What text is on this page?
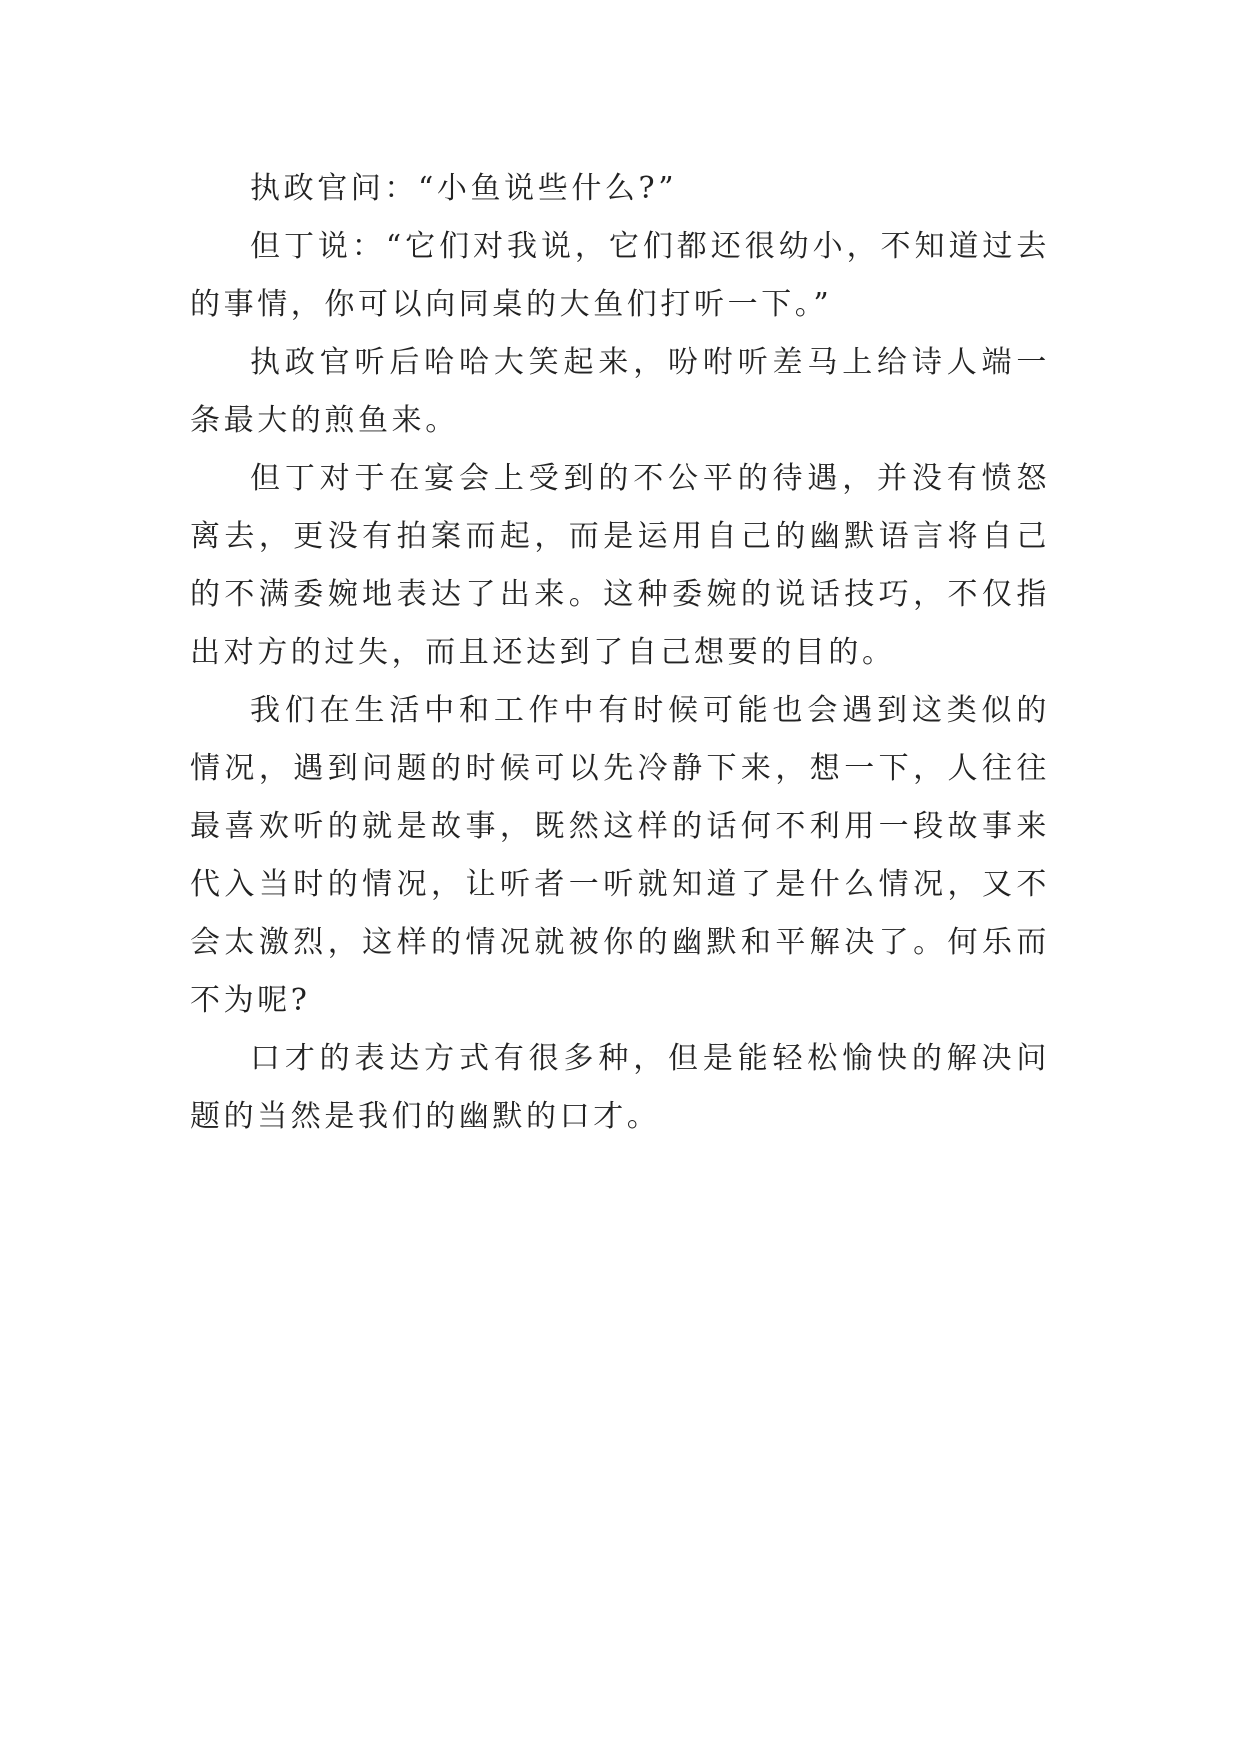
执政官问：“小鱼说些什么?”

但丁说：“它们对我说，它们都还很幼小，不知道过去的事情，你可以向同桌的大鱼们打听一下。”

执政官听后哈哈大笑起来，吩咐听差马上给诗人端一条最大的煎鱼来。

但丁对于在宴会上受到的不公平的待遇，并没有愤怒离去，更没有拍案而起，而是运用自己的幽默语言将自己的不满委婉地表达了出来。这种委婉的说话技巧，不仅指出对方的过失，而且还达到了自己想要的目的。

我们在生活中和工作中有时候可能也会遇到这类似的情况，遇到问题的时候可以先冷静下来，想一下，人往往最喜欢听的就是故事，既然这样的话何不利用一段故事来代入当时的情况，让听者一听就知道了是什么情况，又不会太激烈，这样的情况就被你的幽默和平解决了。何乐而不为呢?

口才的表达方式有很多种，但是能轻松愉快的解决问题的当然是我们的幽默的口才。
